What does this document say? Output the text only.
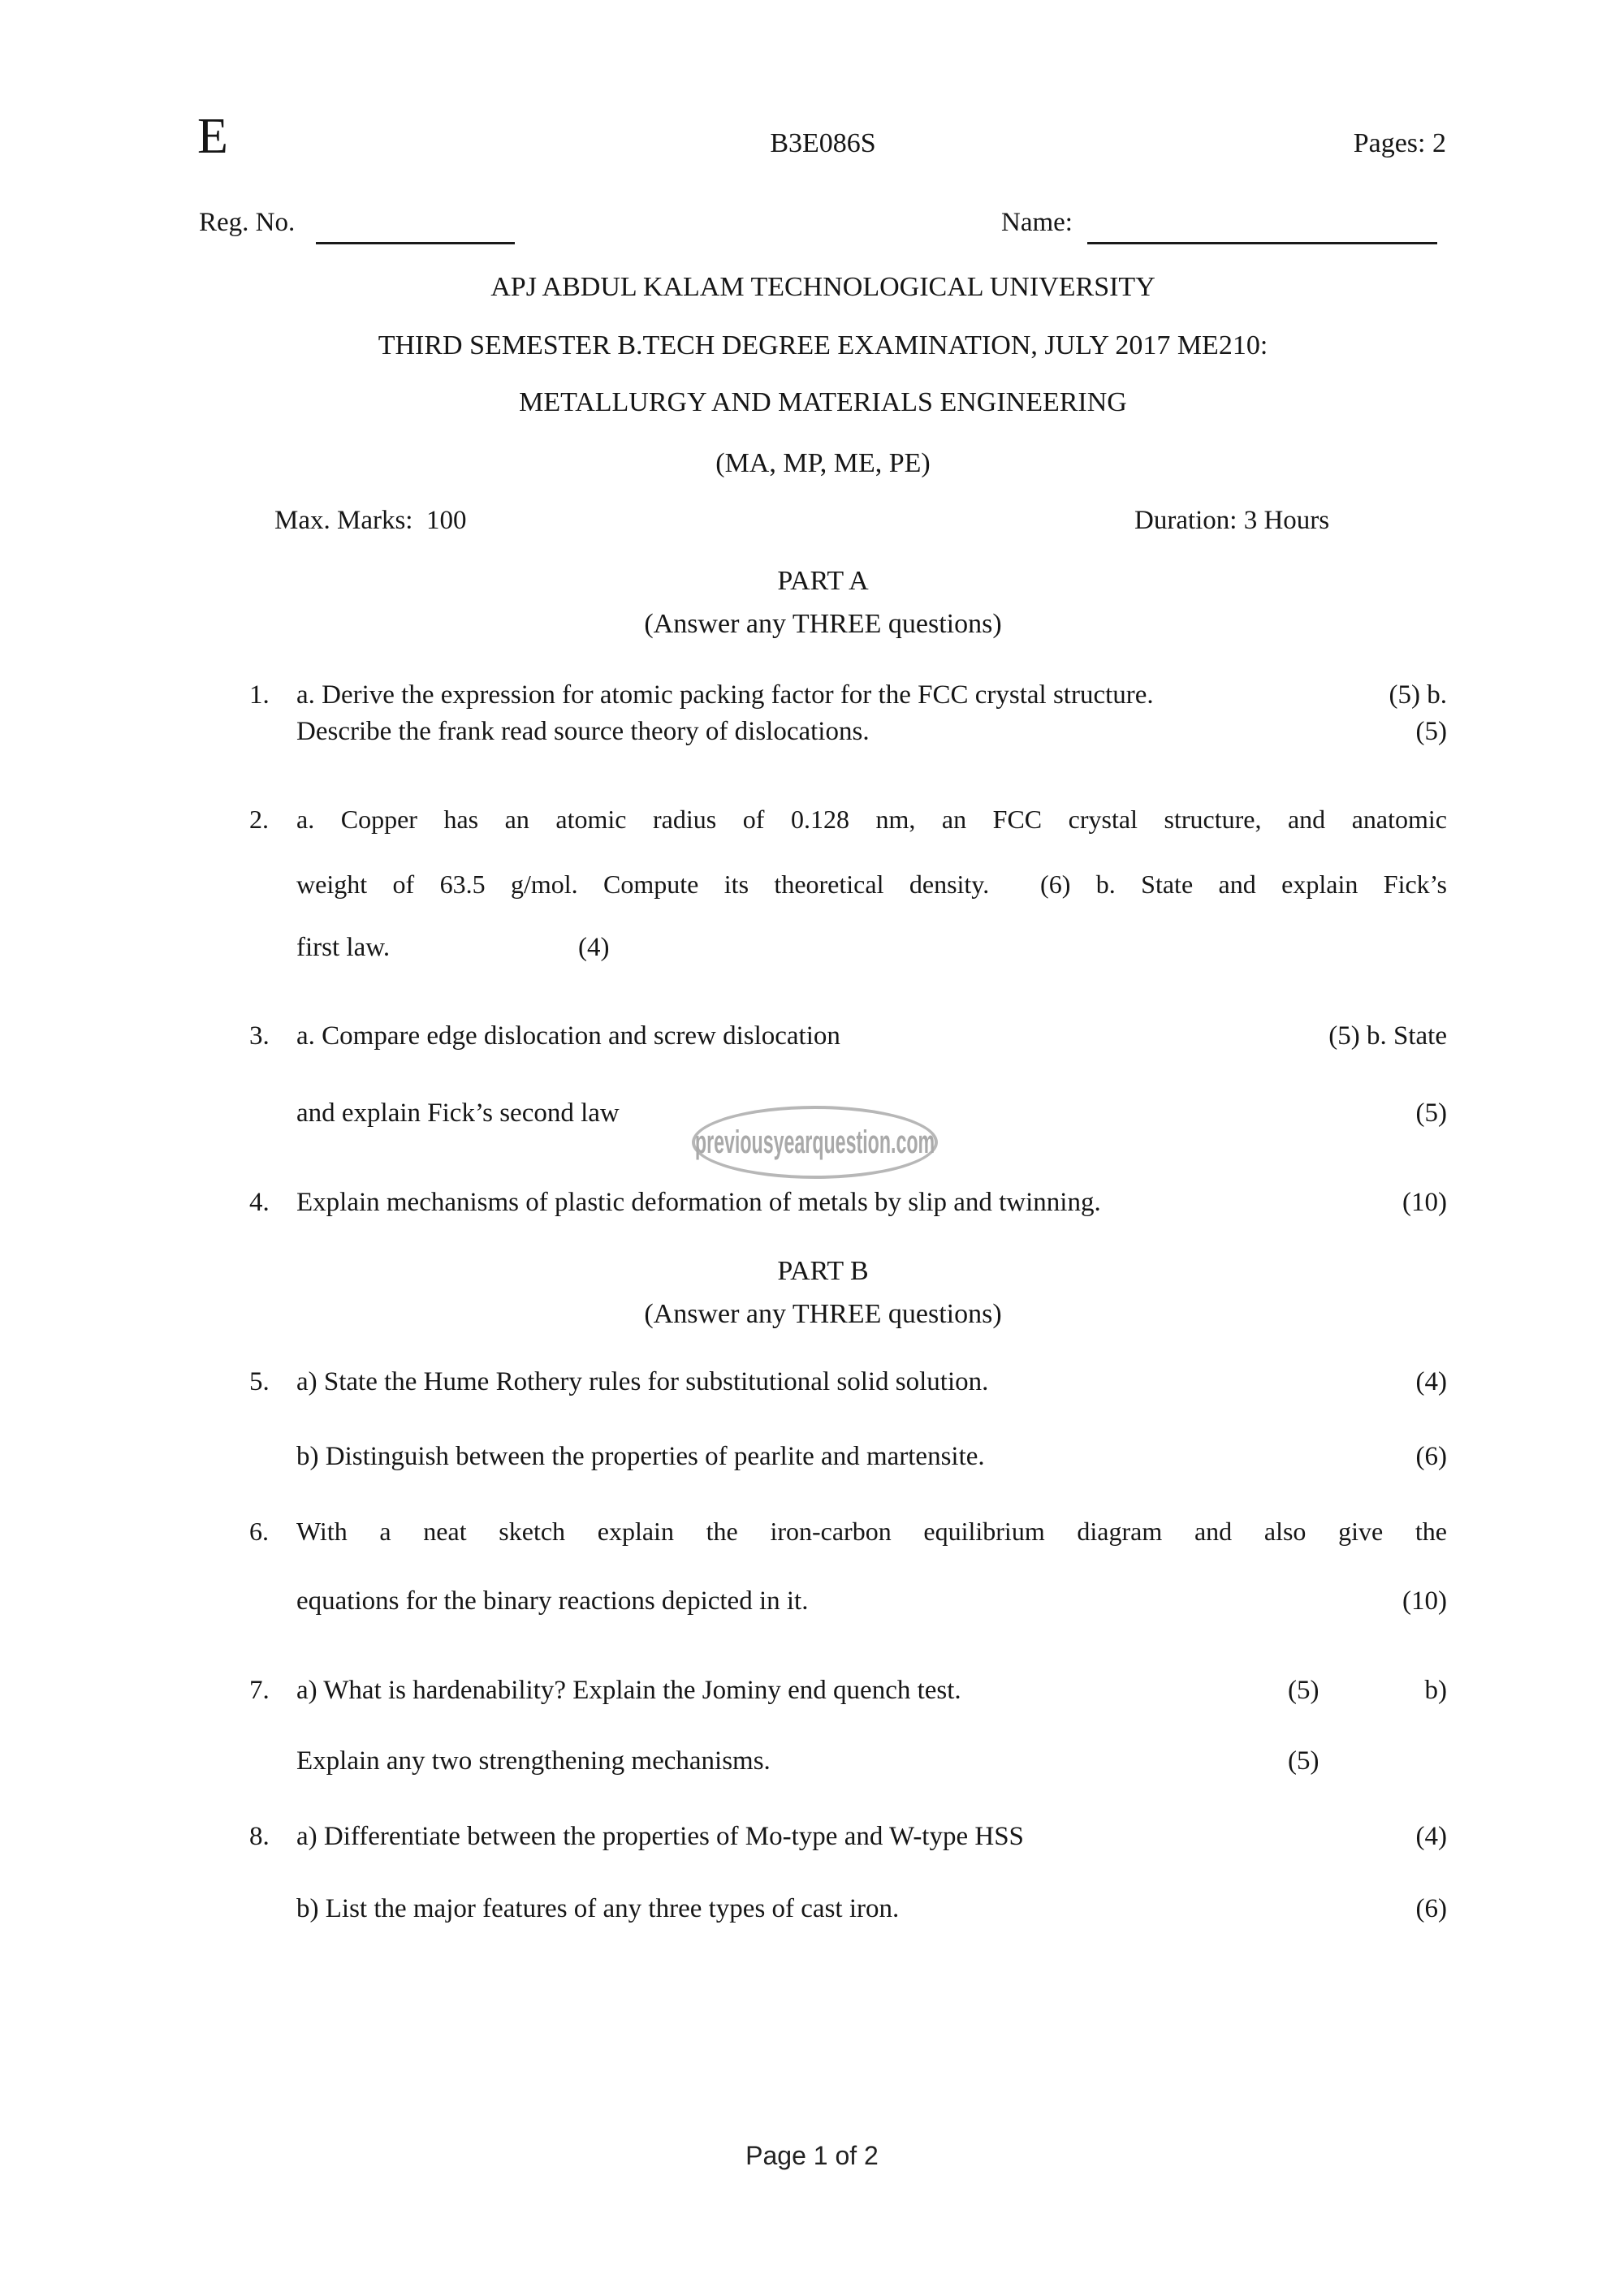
E	B3E086S	Pages: 2
Reg. No.	Name:
APJ ABDUL KALAM TECHNOLOGICAL UNIVERSITY
THIRD SEMESTER B.TECH DEGREE EXAMINATION, JULY 2017 ME210:
METALLURGY AND MATERIALS ENGINEERING
(MA, MP, ME, PE)
Max. Marks:  100	Duration: 3 Hours
PART A
(Answer any THREE questions)
1. a. Derive the expression for atomic packing factor for the FCC crystal structure.	(5) b.
Describe the frank read source theory of dislocations.	(5)
2. a. Copper has an atomic radius of 0.128 nm, an FCC crystal structure, and anatomic
weight of 63.5 g/mol. Compute its theoretical density.  (6) b. State and explain Fick’s
first law.	(4)
3. a. Compare edge dislocation and screw dislocation	(5) b. State
and explain Fick’s second law	(5)
previousyearquestion.com
4. Explain mechanisms of plastic deformation of metals by slip and twinning.	(10)
PART B
(Answer any THREE questions)
5. a) State the Hume Rothery rules for substitutional solid solution.	(4)
b) Distinguish between the properties of pearlite and martensite.	(6)
6. With a neat sketch explain the iron-carbon equilibrium diagram and also give the
equations for the binary reactions depicted in it.	(10)
7. a) What is hardenability? Explain the Jominy end quench test.	(5)	b)
Explain any two strengthening mechanisms.	(5)
8. a) Differentiate between the properties of Mo-type and W-type HSS	(4)
b) List the major features of any three types of cast iron.	(6)
Page 1 of 2
